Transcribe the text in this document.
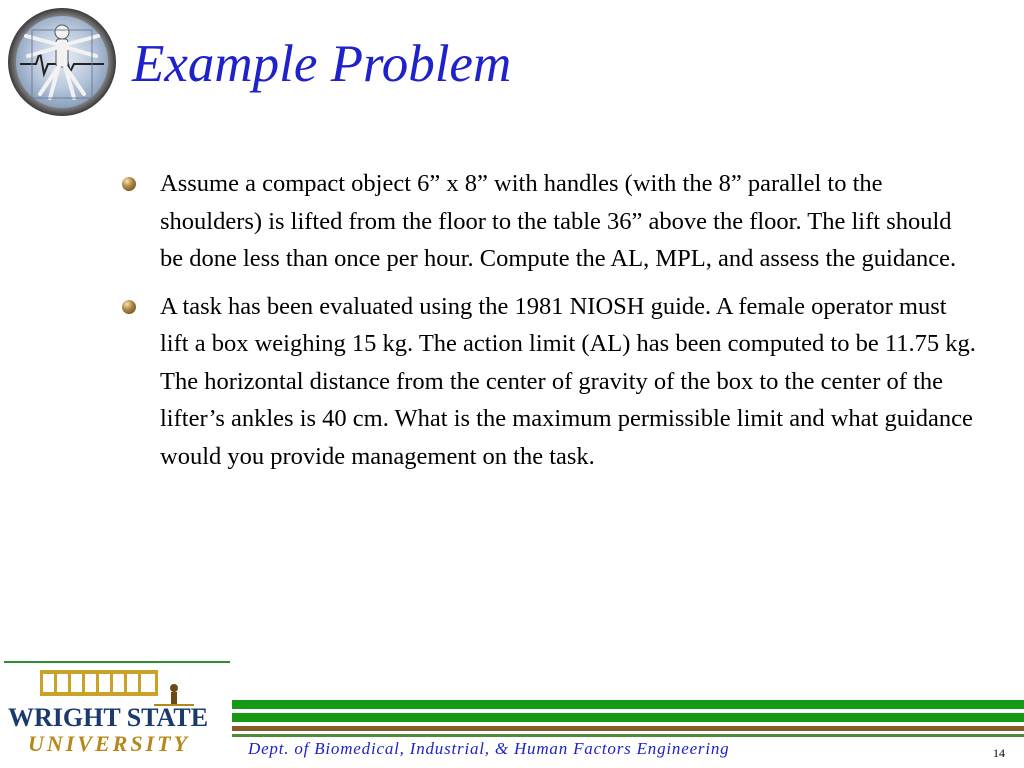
Example Problem
Assume a compact object 6” x 8” with handles (with the 8” parallel to the shoulders) is lifted from the floor to the table 36” above the floor. The lift should be done less than once per hour. Compute the AL, MPL, and assess the guidance.
A task has been evaluated using the 1981 NIOSH guide. A female operator must lift a box weighing 15 kg. The action limit (AL) has been computed to be 11.75 kg. The horizontal distance from the center of gravity of the box to the center of the lifter’s ankles is 40 cm. What is the maximum permissible limit and what guidance would you provide management on the task.
WRIGHT STATE
UNIVERSITY	Dept. of Biomedical, Industrial, & Human Factors Engineering	14
